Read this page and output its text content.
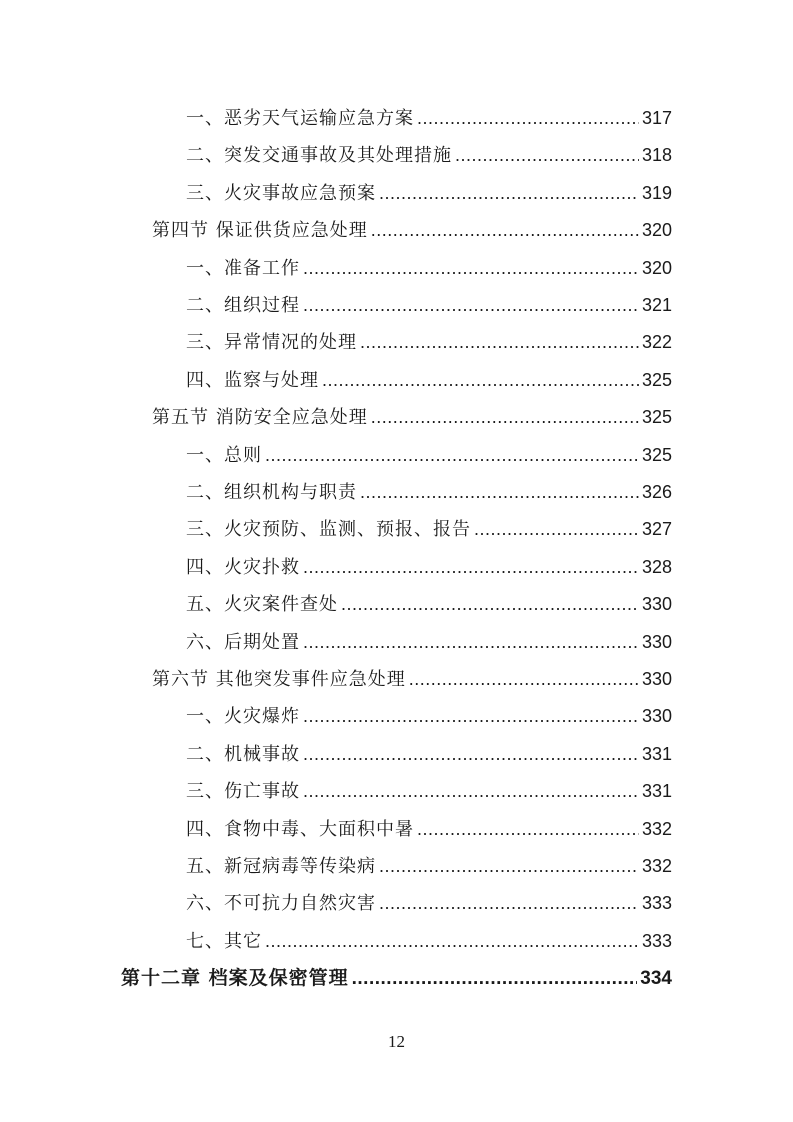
一、恶劣天气运输应急方案 .....	317
二、突发交通事故及其处理措施 .....	318
三、火灾事故应急预案 .....	319
第四节 保证供货应急处理 .....	320
一、准备工作 .....	320
二、组织过程 .....	321
三、异常情况的处理 .....	322
四、监察与处理 .....	325
第五节 消防安全应急处理 .....	325
一、总则 .....	325
二、组织机构与职责 .....	326
三、火灾预防、监测、预报、报告 .....	327
四、火灾扑救 .....	328
五、火灾案件查处 .....	330
六、后期处置 .....	330
第六节 其他突发事件应急处理 .....	330
一、火灾爆炸 .....	330
二、机械事故 .....	331
三、伤亡事故 .....	331
四、食物中毒、大面积中暑 .....	332
五、新冠病毒等传染病 .....	332
六、不可抗力自然灾害 .....	333
七、其它 .....	333
第十二章 档案及保密管理 .....	334
12
